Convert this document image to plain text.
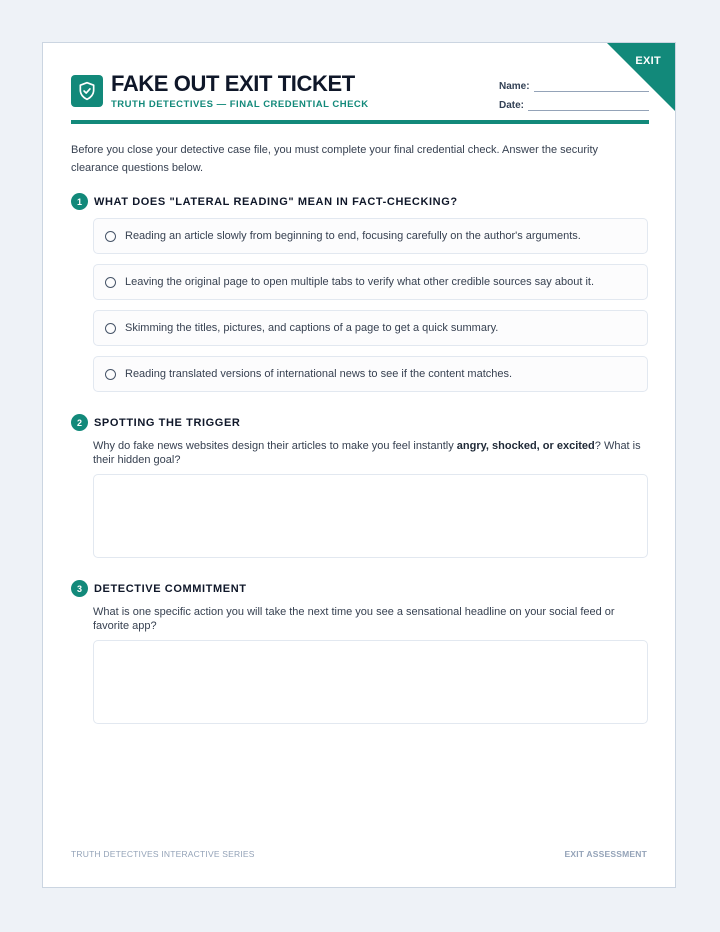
EXIT
FAKE OUT EXIT TICKET
TRUTH DETECTIVES — FINAL CREDENTIAL CHECK
Name:
Date:
Before you close your detective case file, you must complete your final credential check. Answer the security clearance questions below.
1	WHAT DOES "LATERAL READING" MEAN IN FACT-CHECKING?
Reading an article slowly from beginning to end, focusing carefully on the author's arguments.
Leaving the original page to open multiple tabs to verify what other credible sources say about it.
Skimming the titles, pictures, and captions of a page to get a quick summary.
Reading translated versions of international news to see if the content matches.
2	SPOTTING THE TRIGGER
Why do fake news websites design their articles to make you feel instantly angry, shocked, or excited? What is their hidden goal?
3	DETECTIVE COMMITMENT
What is one specific action you will take the next time you see a sensational headline on your social feed or favorite app?
TRUTH DETECTIVES INTERACTIVE SERIES	EXIT ASSESSMENT
